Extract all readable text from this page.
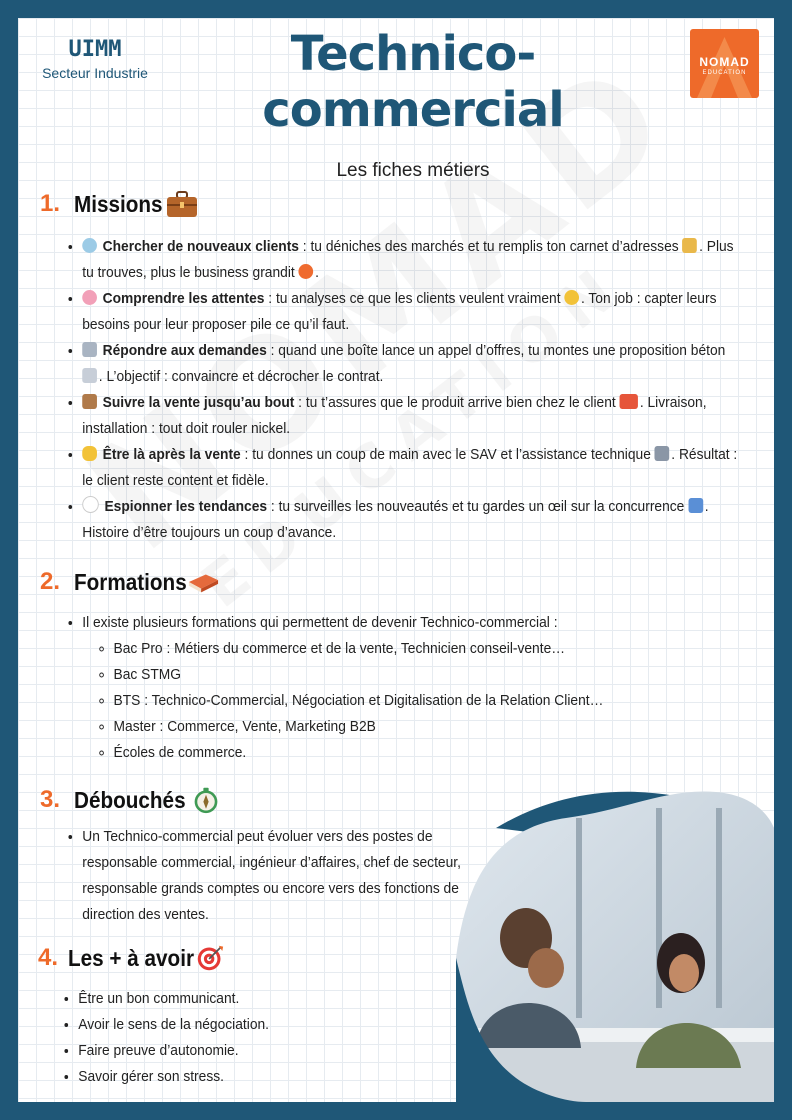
UIMM
Secteur Industrie	Technico-
commercial
Les fiches métiers
NOMAD
EDUCATION
1. Missions
• Chercher de nouveaux clients : tu déniches des marchés et tu remplis ton carnet d’adresses . Plus tu trouves, plus le business grandit .
• Comprendre les attentes : tu analyses ce que les clients veulent vraiment . Ton job : capter leurs besoins pour leur proposer pile ce qu’il faut.
• Répondre aux demandes : quand une boîte lance un appel d’offres, tu montes une proposition béton . L’objectif : convaincre et décrocher le contrat.
• Suivre la vente jusqu’au bout : tu t’assures que le produit arrive bien chez le client . Livraison, installation : tout doit rouler nickel.
• Être là après la vente : tu donnes un coup de main avec le SAV et l’assistance technique . Résultat : le client reste content et fidèle.
• Espionner les tendances : tu surveilles les nouveautés et tu gardes un œil sur la concurrence . Histoire d’être toujours un coup d’avance.
2. Formations
• Il existe plusieurs formations qui permettent de devenir Technico-commercial :
◦ Bac Pro : Métiers du commerce et de la vente, Technicien conseil-vente…
◦ Bac STMG
◦ BTS : Technico-Commercial, Négociation et Digitalisation de la Relation Client…
◦ Master : Commerce, Vente, Marketing B2B
◦ Écoles de commerce.
3. Débouchés
• Un Technico-commercial peut évoluer vers des postes de
responsable commercial, ingénieur d’affaires, chef de secteur,
responsable grands comptes ou encore vers des fonctions de
direction des ventes.
4. Les + à avoir
• Être un bon communicant.
• Avoir le sens de la négociation.
• Faire preuve d’autonomie.
• Savoir gérer son stress.
